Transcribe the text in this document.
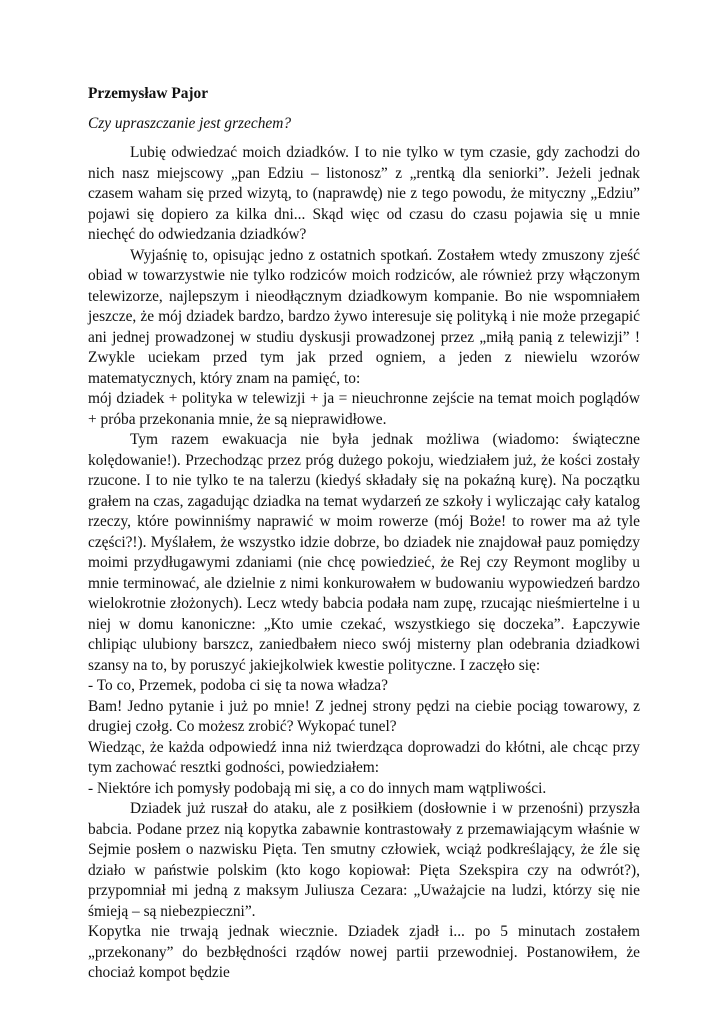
Przemysław Pajor
Czy upraszczanie jest grzechem?

Lubię odwiedzać moich dziadków. I to nie tylko w tym czasie, gdy zachodzi do nich nasz miejscowy „pan Edziu – listonosz” z „rentką dla seniorki”. Jeżeli jednak czasem waham się przed wizytą, to (naprawdę) nie z tego powodu, że mityczny „Edziu” pojawi się dopiero za kilka dni... Skąd więc od czasu do czasu pojawia się u mnie niechęć do odwiedzania dziadków?

Wyjaśnię to, opisując jedno z ostatnich spotkań. Zostałem wtedy zmuszony zjeść obiad w towarzystwie nie tylko rodziców moich rodziców, ale również przy włączonym telewizorze, najlepszym i nieodłącznym dziadkowym kompanie. Bo nie wspomniałem jeszcze, że mój dziadek bardzo, bardzo żywo interesuje się polityką i nie może przegapić ani jednej prowadzonej w studiu dyskusji prowadzonej przez „miłą panią z telewizji” ! Zwykle uciekam przed tym jak przed ogniem, a jeden z niewielu wzorów matematycznych, który znam na pamięć, to:

mój dziadek + polityka w telewizji + ja = nieuchronne zejście na temat moich poglądów + próba przekonania mnie, że są nieprawidłowe.

Tym razem ewakuacja nie była jednak możliwa (wiadomo: świąteczne kolędowanie!). Przechodząc przez próg dużego pokoju, wiedziałem już, że kości zostały rzucone. I to nie tylko te na talerzu (kiedyś składały się na pokaźną kurę). Na początku grałem na czas, zagadując dziadka na temat wydarzeń ze szkoły i wyliczając cały katalog rzeczy, które powinniśmy naprawić w moim rowerze (mój Boże! to rower ma aż tyle części?!). Myślałem, że wszystko idzie dobrze, bo dziadek nie znajdował pauz pomiędzy moimi przydługawymi zdaniami (nie chcę powiedzieć, że Rej czy Reymont mogliby u mnie terminować, ale dzielnie z nimi konkurowałem w budowaniu wypowiedzeń bardzo wielokrotnie złożonych). Lecz wtedy babcia podała nam zupę, rzucając nieśmiertelne i u niej w domu kanoniczne: „Kto umie czekać, wszystkiego się doczeka”. Łapczywie chlipiąc ulubiony barszcz, zaniedbałem nieco swój misterny plan odebrania dziadkowi szansy na to, by poruszyć jakiejkolwiek kwestie polityczne. I zaczęło się:

- To co, Przemek, podoba ci się ta nowa władza?

Bam! Jedno pytanie i już po mnie! Z jednej strony pędzi na ciebie pociąg towarowy, z drugiej czołg. Co możesz zrobić? Wykopać tunel?

Wiedząc, że każda odpowiedź inna niż twierdząca doprowadzi do kłótni, ale chcąc przy tym zachować resztki godności, powiedziałem:

- Niektóre ich pomysły podobają mi się, a co do innych mam wątpliwości.

Dziadek już ruszał do ataku, ale z posiłkiem (dosłownie i w przenośni) przyszła babcia. Podane przez nią kopytka zabawnie kontrastowały z przemawiającym właśnie w Sejmie posłem o nazwisku Pięta. Ten smutny człowiek, wciąż podkreślający, że źle się działo w państwie polskim (kto kogo kopiował: Pięta Szekspira czy na odwrót?), przypomniał mi jedną z maksym Juliusza Cezara: „Uważajcie na ludzi, którzy się nie śmieją – są niebezpieczni”.

Kopytka nie trwają jednak wiecznie. Dziadek zjadł i... po 5 minutach zostałem „przekonany” do bezbłędności rządów nowej partii przewodniej. Postanowiłem, że chociaż kompot będzie
